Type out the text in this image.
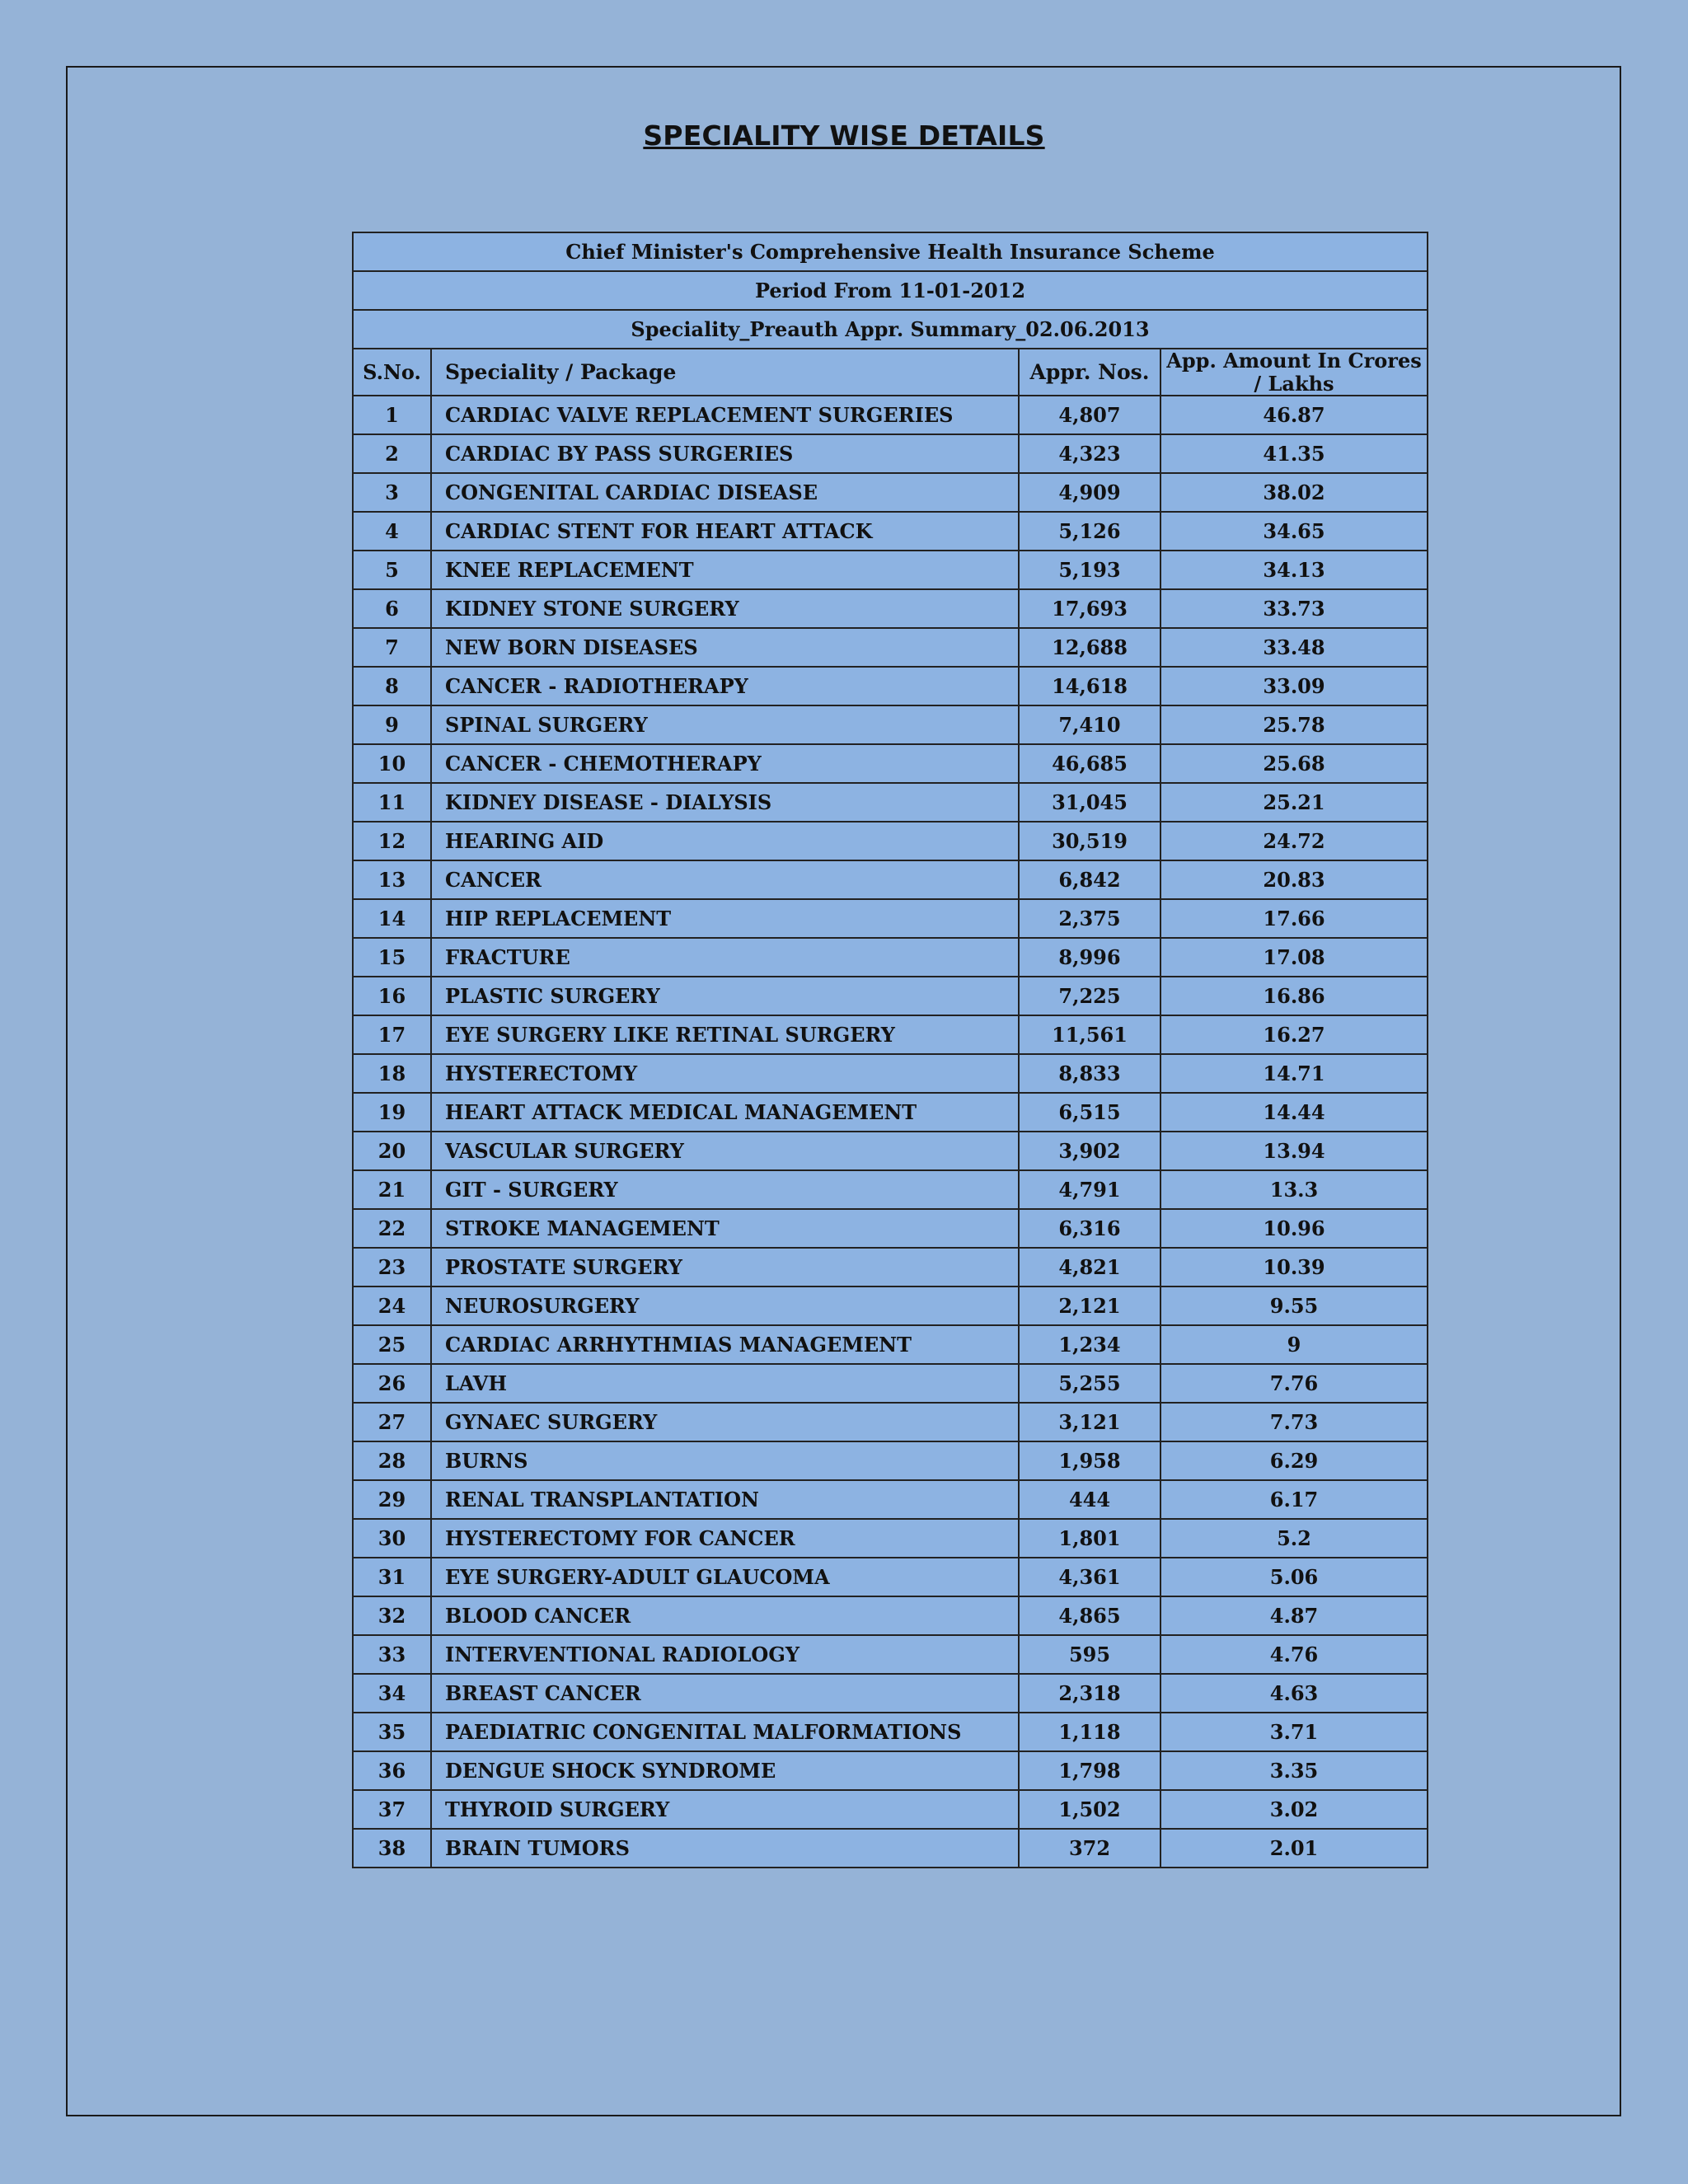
SPECIALITY WISE DETAILS
Chief Minister's Comprehensive Health Insurance Scheme			
Period From 11-01-2012			
Speciality_Preauth Appr. Summary_02.06.2013			
S.No.	Speciality / Package	Appr. Nos.	App. Amount In Crores / Lakhs
1	CARDIAC VALVE REPLACEMENT SURGERIES	4,807	46.87
2	CARDIAC BY PASS SURGERIES	4,323	41.35
3	CONGENITAL CARDIAC DISEASE	4,909	38.02
4	CARDIAC STENT FOR HEART ATTACK	5,126	34.65
5	KNEE REPLACEMENT	5,193	34.13
6	KIDNEY STONE SURGERY	17,693	33.73
7	NEW BORN DISEASES	12,688	33.48
8	CANCER - RADIOTHERAPY	14,618	33.09
9	SPINAL SURGERY	7,410	25.78
10	CANCER - CHEMOTHERAPY	46,685	25.68
11	KIDNEY DISEASE - DIALYSIS	31,045	25.21
12	HEARING AID	30,519	24.72
13	CANCER	6,842	20.83
14	HIP REPLACEMENT	2,375	17.66
15	FRACTURE	8,996	17.08
16	PLASTIC SURGERY	7,225	16.86
17	EYE SURGERY LIKE RETINAL SURGERY	11,561	16.27
18	HYSTERECTOMY	8,833	14.71
19	HEART ATTACK MEDICAL MANAGEMENT	6,515	14.44
20	VASCULAR SURGERY	3,902	13.94
21	GIT - SURGERY	4,791	13.3
22	STROKE MANAGEMENT	6,316	10.96
23	PROSTATE SURGERY	4,821	10.39
24	NEUROSURGERY	2,121	9.55
25	CARDIAC ARRHYTHMIAS MANAGEMENT	1,234	9
26	LAVH	5,255	7.76
27	GYNAEC SURGERY	3,121	7.73
28	BURNS	1,958	6.29
29	RENAL TRANSPLANTATION	444	6.17
30	HYSTERECTOMY FOR CANCER	1,801	5.2
31	EYE SURGERY-ADULT GLAUCOMA	4,361	5.06
32	BLOOD CANCER	4,865	4.87
33	INTERVENTIONAL RADIOLOGY	595	4.76
34	BREAST CANCER	2,318	4.63
35	PAEDIATRIC CONGENITAL MALFORMATIONS	1,118	3.71
36	DENGUE SHOCK SYNDROME	1,798	3.35
37	THYROID SURGERY	1,502	3.02
38	BRAIN TUMORS	372	2.01
